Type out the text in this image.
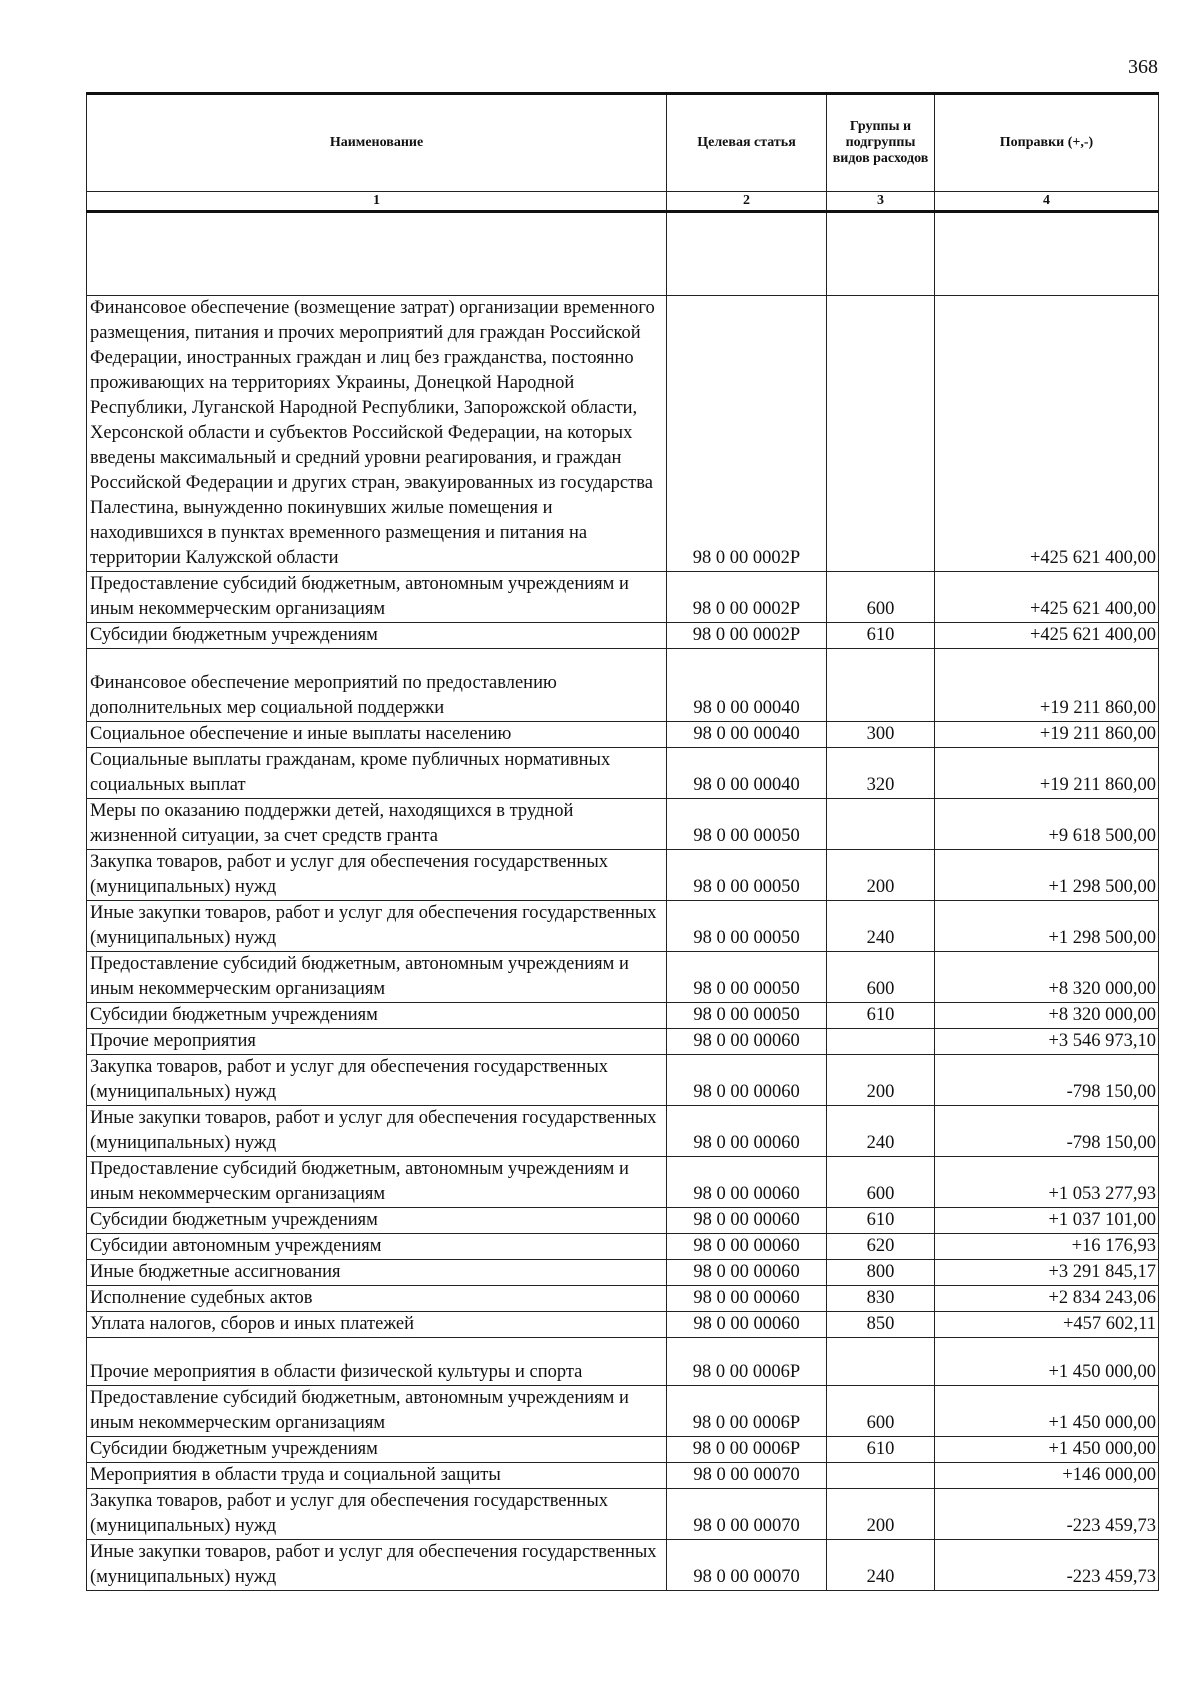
368
Наименование	Целевая статья	Группы и подгруппы видов расходов	Поправки (+,-)
1	2	3	4

Финансовое обеспечение (возмещение затрат) организации временного размещения, питания и прочих мероприятий для граждан Российской Федерации, иностранных граждан и лиц без гражданства, постоянно проживающих на территориях Украины, Донецкой Народной Республики, Луганской Народной Республики, Запорожской области, Херсонской области и субъектов Российской Федерации, на которых введены максимальный и средний уровни реагирования, и граждан Российской Федерации и других стран, эвакуированных из государства Палестина, вынужденно покинувших жилые помещения и находившихся в пунктах временного размещения и питания на территории Калужской области	98 0 00 0002Р		+425 621 400,00
Предоставление субсидий бюджетным, автономным учреждениям и иным некоммерческим организациям	98 0 00 0002Р	600	+425 621 400,00
Субсидии бюджетным учреждениям	98 0 00 0002Р	610	+425 621 400,00
Финансовое обеспечение мероприятий по предоставлению дополнительных мер социальной поддержки	98 0 00 00040		+19 211 860,00
Социальное обеспечение и иные выплаты населению	98 0 00 00040	300	+19 211 860,00
Социальные выплаты гражданам, кроме публичных нормативных социальных выплат	98 0 00 00040	320	+19 211 860,00
Меры по оказанию поддержки детей, находящихся в трудной жизненной ситуации, за счет средств гранта	98 0 00 00050		+9 618 500,00
Закупка товаров, работ и услуг для обеспечения государственных (муниципальных) нужд	98 0 00 00050	200	+1 298 500,00
Иные закупки товаров, работ и услуг для обеспечения государственных (муниципальных) нужд	98 0 00 00050	240	+1 298 500,00
Предоставление субсидий бюджетным, автономным учреждениям и иным некоммерческим организациям	98 0 00 00050	600	+8 320 000,00
Субсидии бюджетным учреждениям	98 0 00 00050	610	+8 320 000,00
Прочие мероприятия	98 0 00 00060		+3 546 973,10
Закупка товаров, работ и услуг для обеспечения государственных (муниципальных) нужд	98 0 00 00060	200	-798 150,00
Иные закупки товаров, работ и услуг для обеспечения государственных (муниципальных) нужд	98 0 00 00060	240	-798 150,00
Предоставление субсидий бюджетным, автономным учреждениям и иным некоммерческим организациям	98 0 00 00060	600	+1 053 277,93
Субсидии бюджетным учреждениям	98 0 00 00060	610	+1 037 101,00
Субсидии автономным учреждениям	98 0 00 00060	620	+16 176,93
Иные бюджетные ассигнования	98 0 00 00060	800	+3 291 845,17
Исполнение судебных актов	98 0 00 00060	830	+2 834 243,06
Уплата налогов, сборов и иных платежей	98 0 00 00060	850	+457 602,11
Прочие мероприятия в области физической культуры и спорта	98 0 00 0006Р		+1 450 000,00
Предоставление субсидий бюджетным, автономным учреждениям и иным некоммерческим организациям	98 0 00 0006Р	600	+1 450 000,00
Субсидии бюджетным учреждениям	98 0 00 0006Р	610	+1 450 000,00
Мероприятия в области труда и социальной защиты	98 0 00 00070		+146 000,00
Закупка товаров, работ и услуг для обеспечения государственных (муниципальных) нужд	98 0 00 00070	200	-223 459,73
Иные закупки товаров, работ и услуг для обеспечения государственных (муниципальных) нужд	98 0 00 00070	240	-223 459,73
